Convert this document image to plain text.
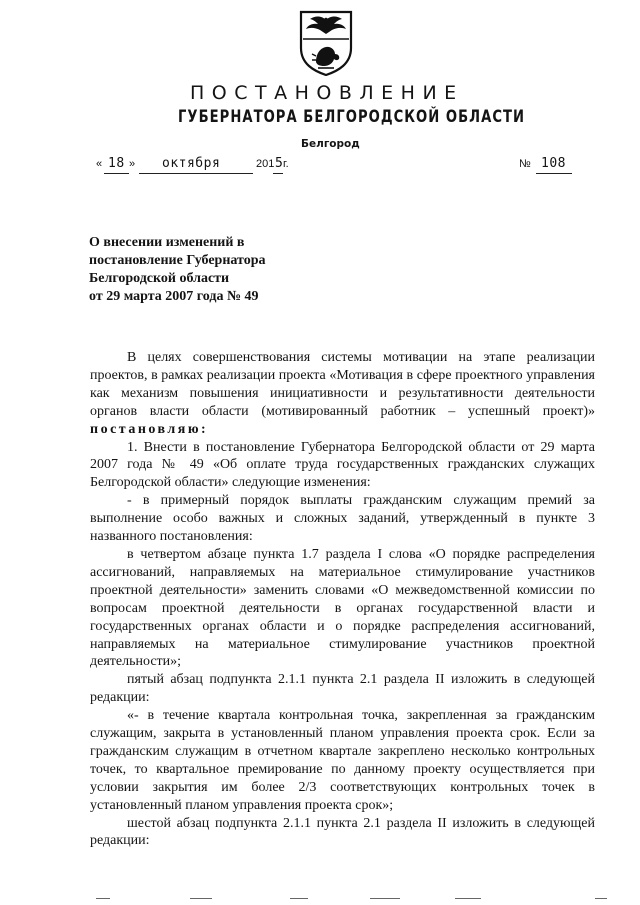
ПОСТАНОВЛЕНИЕ
ГУБЕРНАТОРА БЕЛГОРОДСКОЙ ОБЛАСТИ
Белгород
« 18 » октября	201 5 г.	№ 108
О внесении изменений в
постановление Губернатора
Белгородской области
от 29 марта 2007 года № 49

В целях совершенствования системы мотивации на этапе реализации проектов, в рамках реализации проекта «Мотивация в сфере проектного управления как механизм повышения инициативности и результативности деятельности органов власти области (мотивированный работник – успешный проект)» постановляю:

1. Внести в постановление Губернатора Белгородской области от 29 марта 2007 года № 49 «Об оплате труда государственных гражданских служащих Белгородской области» следующие изменения:

- в примерный порядок выплаты гражданским служащим премий за выполнение особо важных и сложных заданий, утвержденный в пункте 3 названного постановления:

в четвертом абзаце пункта 1.7 раздела I слова «О порядке распределения ассигнований, направляемых на материальное стимулирование участников проектной деятельности» заменить словами «О межведомственной комиссии по вопросам проектной деятельности в органах государственной власти и государственных органах области и о порядке распределения ассигнований, направляемых на материальное стимулирование участников проектной деятельности»;

пятый абзац подпункта 2.1.1 пункта 2.1 раздела II изложить в следующей редакции:

«- в течение квартала контрольная точка, закрепленная за гражданским служащим, закрыта в установленный планом управления проекта срок. Если за гражданским служащим в отчетном квартале закреплено несколько контрольных точек, то квартальное премирование по данному проекту осуществляется при условии закрытия им более 2/3 соответствующих контрольных точек в установленный планом управления проекта срок»;

шестой абзац подпункта 2.1.1 пункта 2.1 раздела II изложить в следующей редакции:
